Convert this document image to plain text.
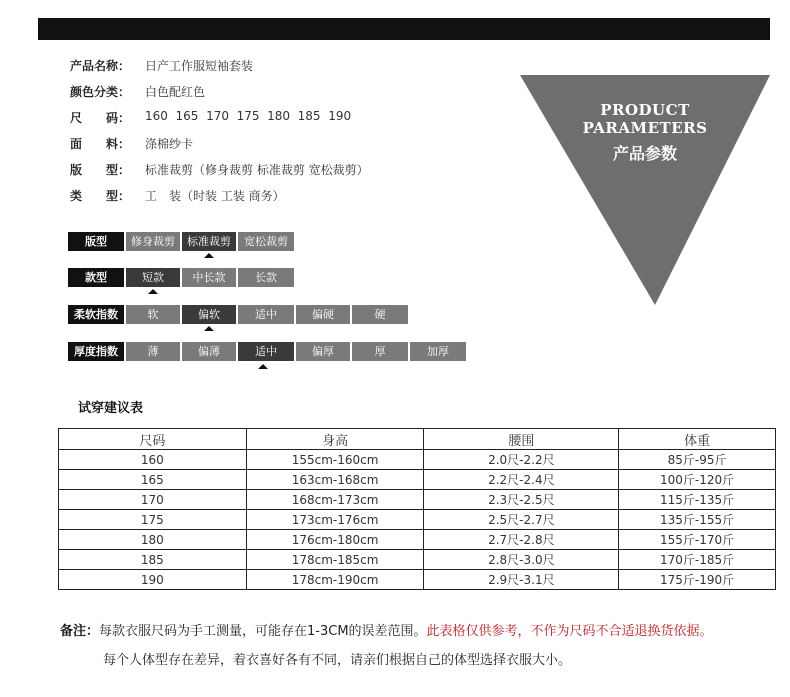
产品名称： 日产工作服短袖套装
颜色分类： 白色配红色
尺　　码： 160  165  170  175  180  185  190
面　　料： 涤棉纱卡
版　　型： 标准裁剪（修身裁剪 标准裁剪 宽松裁剪）
类　　型： 工　装（时装 工装 商务）
PRODUCT
PARAMETERS
产品参数
版型	修身裁剪	标准裁剪	宽松裁剪
款型	短款	中长款	长款
柔软指数	软	偏软	适中	偏硬	硬
厚度指数	薄	偏薄	适中	偏厚	厚	加厚
试穿建议表
尺码	身高	腰围	体重
160	155cm-160cm	2.0尺-2.2尺	85斤-95斤
165	163cm-168cm	2.2尺-2.4尺	100斤-120斤
170	168cm-173cm	2.3尺-2.5尺	115斤-135斤
175	173cm-176cm	2.5尺-2.7尺	135斤-155斤
180	176cm-180cm	2.7尺-2.8尺	155斤-170斤
185	178cm-185cm	2.8尺-3.0尺	170斤-185斤
190	178cm-190cm	2.9尺-3.1尺	175斤-190斤
备注：每款衣服尺码为手工测量，可能存在1-3CM的误差范围。此表格仅供参考，不作为尺码不合适退换货依据。
每个人体型存在差异，着衣喜好各有不同，请亲们根据自己的体型选择衣服大小。
